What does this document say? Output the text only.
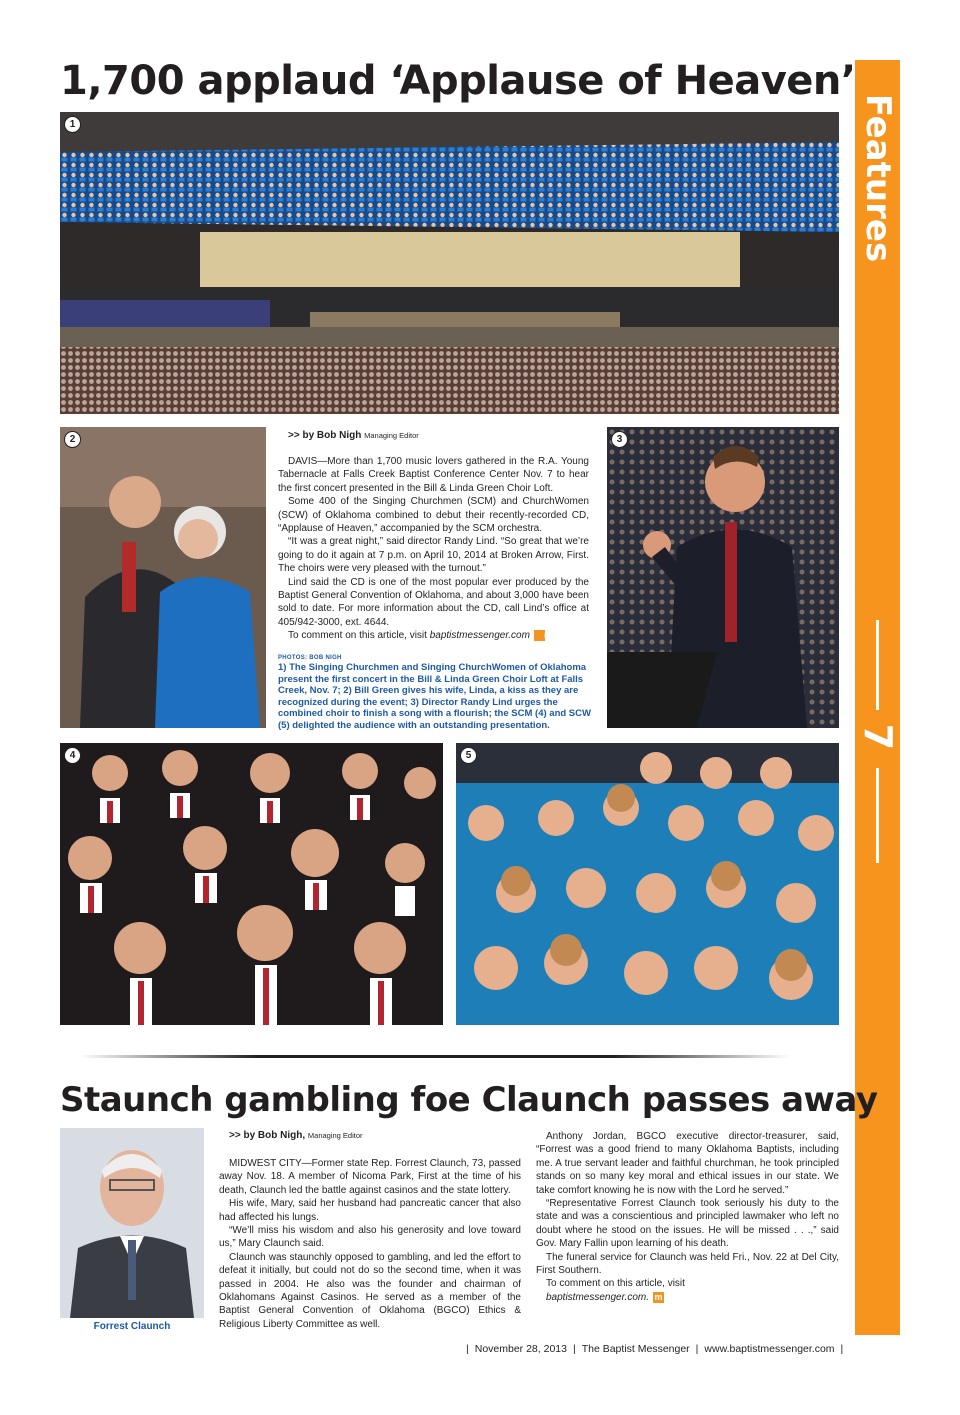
Features
7
1,700 applaud ‘Applause of Heaven’
1
2	>> by Bob Nigh Managing Editor

DAVIS—More than 1,700 music lovers gathered in the R.A. Young Tabernacle at Falls Creek Baptist Conference Center Nov. 7 to hear the first concert presented in the Bill & Linda Green Choir Loft.

Some 400 of the Singing Churchmen (SCM) and ChurchWomen (SCW) of Oklahoma combined to debut their recently-recorded CD, “Applause of Heaven,” accompanied by the SCM orchestra.

“It was a great night,” said director Randy Lind. “So great that we’re going to do it again at 7 p.m. on April 10, 2014 at Broken Arrow, First. The choirs were very pleased with the turnout.”

Lind said the CD is one of the most popular ever produced by the Baptist General Convention of Oklahoma, and about 3,000 have been sold to date. For more information about the CD, call Lind’s office at 405/942-3000, ext. 4644.

To comment on this article, visit baptistmessenger.com m

PHOTOS: BOB NIGH
1) The Singing Churchmen and Singing ChurchWomen of Oklahoma present the first concert in the Bill & Linda Green Choir Loft at Falls Creek, Nov. 7; 2) Bill Green gives his wife, Linda, a kiss as they are recognized during the event; 3) Director Randy Lind urges the combined choir to finish a song with a flourish; the SCM (4) and SCW (5) delighted the audience with an outstanding presentation.
3
4	5
Staunch gambling foe Claunch passes away
Forrest Claunch
>> by Bob Nigh, Managing Editor

MIDWEST CITY—Former state Rep. Forrest Claunch, 73, passed away Nov. 18. A member of Nicoma Park, First at the time of his death, Claunch led the battle against casinos and the state lottery.

His wife, Mary, said her husband had pancreatic cancer that also had affected his lungs.

“We’ll miss his wisdom and also his generosity and love toward us,” Mary Claunch said.

Claunch was staunchly opposed to gambling, and led the effort to defeat it initially, but could not do so the second time, when it was passed in 2004. He also was the founder and chairman of Oklahomans Against Casinos. He served as a member of the Baptist General Convention of Oklahoma (BGCO) Ethics & Religious Liberty Committee as well.

Anthony Jordan, BGCO executive director-treasurer, said, “Forrest was a good friend to many Oklahoma Baptists, including me. A true servant leader and faithful churchman, he took principled stands on so many key moral and ethical issues in our state. We take comfort knowing he is now with the Lord he served.”

“Representative Forrest Claunch took seriously his duty to the state and was a conscientious and principled lawmaker who left no doubt where he stood on the issues. He will be missed . . .,” said Gov. Mary Fallin upon learning of his death.

The funeral service for Claunch was held Fri., Nov. 22 at Del City, First Southern.

To comment on this article, visit

baptistmessenger.com. m

| November 28, 2013 | The Baptist Messenger | www.baptistmessenger.com |
